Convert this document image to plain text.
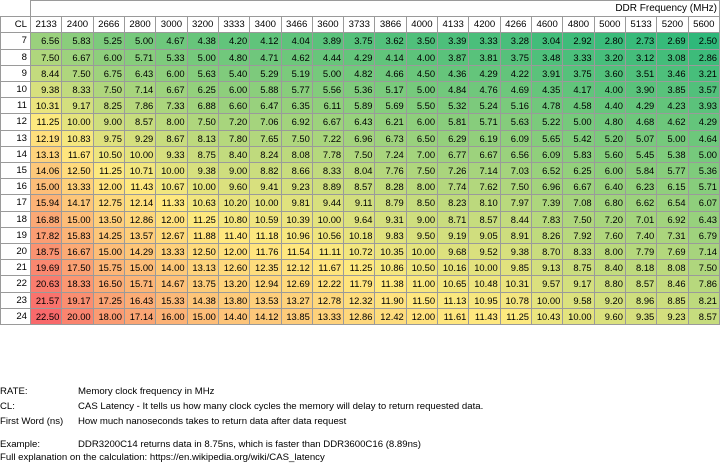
	DDR Frequency (MHz)																					
CL	2133	2400	2666	2800	3000	3200	3333	3400	3466	3600	3733	3866	4000	4133	4200	4266	4600	4800	5000	5133	5200	5600
7	6.56	5.83	5.25	5.00	4.67	4.38	4.20	4.12	4.04	3.89	3.75	3.62	3.50	3.39	3.33	3.28	3.04	2.92	2.80	2.73	2.69	2.50
8	7.50	6.67	6.00	5.71	5.33	5.00	4.80	4.71	4.62	4.44	4.29	4.14	4.00	3.87	3.81	3.75	3.48	3.33	3.20	3.12	3.08	2.86
9	8.44	7.50	6.75	6.43	6.00	5.63	5.40	5.29	5.19	5.00	4.82	4.66	4.50	4.36	4.29	4.22	3.91	3.75	3.60	3.51	3.46	3.21
10	9.38	8.33	7.50	7.14	6.67	6.25	6.00	5.88	5.77	5.56	5.36	5.17	5.00	4.84	4.76	4.69	4.35	4.17	4.00	3.90	3.85	3.57
11	10.31	9.17	8.25	7.86	7.33	6.88	6.60	6.47	6.35	6.11	5.89	5.69	5.50	5.32	5.24	5.16	4.78	4.58	4.40	4.29	4.23	3.93
12	11.25	10.00	9.00	8.57	8.00	7.50	7.20	7.06	6.92	6.67	6.43	6.21	6.00	5.81	5.71	5.63	5.22	5.00	4.80	4.68	4.62	4.29
13	12.19	10.83	9.75	9.29	8.67	8.13	7.80	7.65	7.50	7.22	6.96	6.73	6.50	6.29	6.19	6.09	5.65	5.42	5.20	5.07	5.00	4.64
14	13.13	11.67	10.50	10.00	9.33	8.75	8.40	8.24	8.08	7.78	7.50	7.24	7.00	6.77	6.67	6.56	6.09	5.83	5.60	5.45	5.38	5.00
15	14.06	12.50	11.25	10.71	10.00	9.38	9.00	8.82	8.66	8.33	8.04	7.76	7.50	7.26	7.14	7.03	6.52	6.25	6.00	5.84	5.77	5.36
16	15.00	13.33	12.00	11.43	10.67	10.00	9.60	9.41	9.23	8.89	8.57	8.28	8.00	7.74	7.62	7.50	6.96	6.67	6.40	6.23	6.15	5.71
17	15.94	14.17	12.75	12.14	11.33	10.63	10.20	10.00	9.81	9.44	9.11	8.79	8.50	8.23	8.10	7.97	7.39	7.08	6.80	6.62	6.54	6.07
18	16.88	15.00	13.50	12.86	12.00	11.25	10.80	10.59	10.39	10.00	9.64	9.31	9.00	8.71	8.57	8.44	7.83	7.50	7.20	7.01	6.92	6.43
19	17.82	15.83	14.25	13.57	12.67	11.88	11.40	11.18	10.96	10.56	10.18	9.83	9.50	9.19	9.05	8.91	8.26	7.92	7.60	7.40	7.31	6.79
20	18.75	16.67	15.00	14.29	13.33	12.50	12.00	11.76	11.54	11.11	10.72	10.35	10.00	9.68	9.52	9.38	8.70	8.33	8.00	7.79	7.69	7.14
21	19.69	17.50	15.75	15.00	14.00	13.13	12.60	12.35	12.12	11.67	11.25	10.86	10.50	10.16	10.00	9.85	9.13	8.75	8.40	8.18	8.08	7.50
22	20.63	18.33	16.50	15.71	14.67	13.75	13.20	12.94	12.69	12.22	11.79	11.38	11.00	10.65	10.48	10.31	9.57	9.17	8.80	8.57	8.46	7.86
23	21.57	19.17	17.25	16.43	15.33	14.38	13.80	13.53	13.27	12.78	12.32	11.90	11.50	11.13	10.95	10.78	10.00	9.58	9.20	8.96	8.85	8.21
24	22.50	20.00	18.00	17.14	16.00	15.00	14.40	14.12	13.85	13.33	12.86	12.42	12.00	11.61	11.43	11.25	10.43	10.00	9.60	9.35	9.23	8.57
RATE:	Memory clock frequency in MHz
CL:	CAS Latency - It tells us how many clock cycles the memory will delay to return requested data.
First Word (ns)	How much nanoseconds takes to return data after data request
Example:	DDR3200C14 returns data in 8.75ns, which is faster than DDR3600C16 (8.89ns)
Full explanation on the calculation: https://en.wikipedia.org/wiki/CAS_latency
